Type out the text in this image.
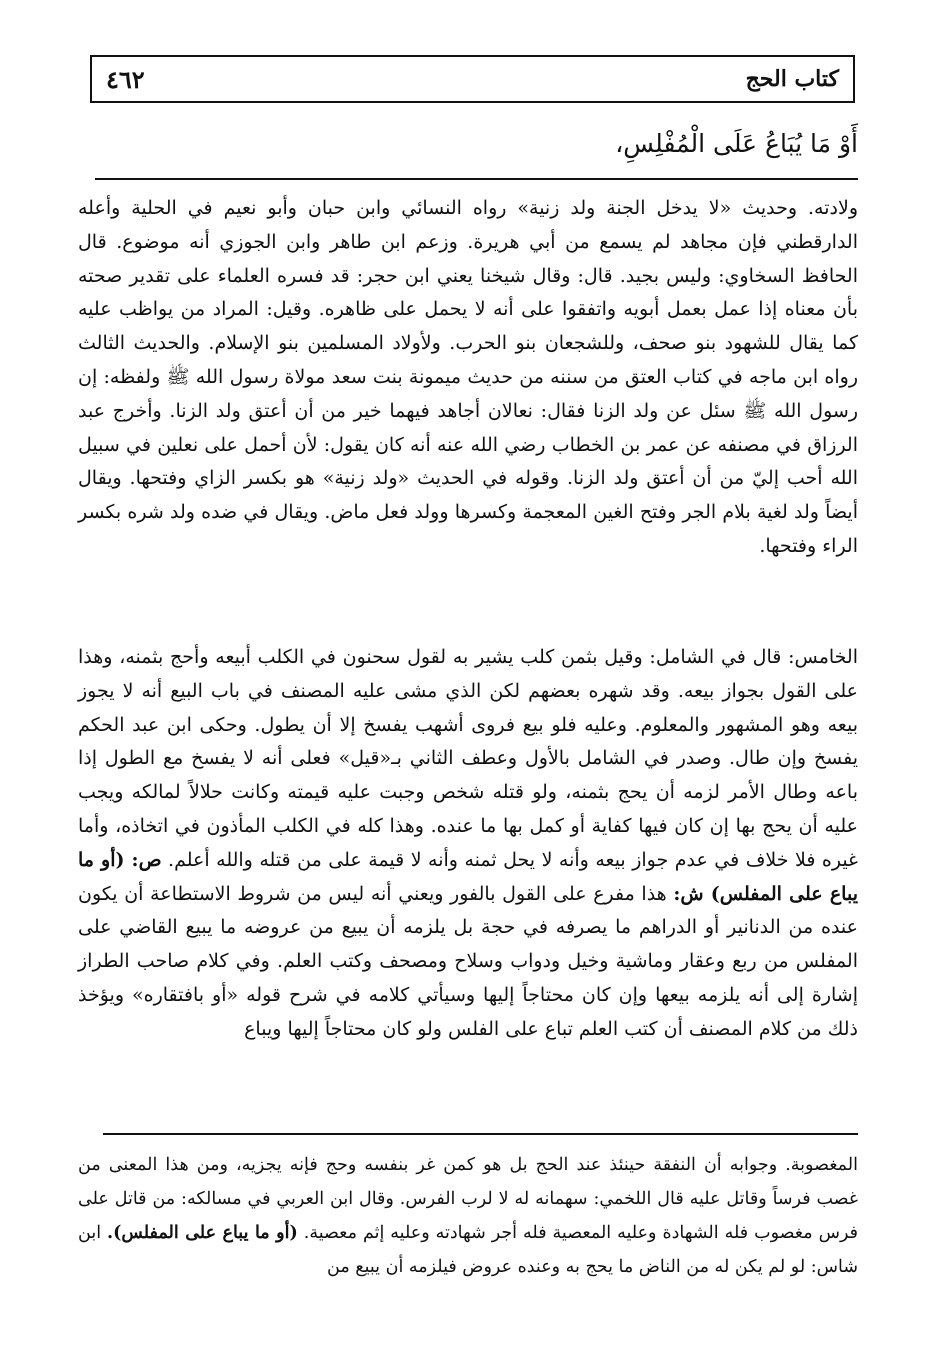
٤٦٢	كتاب الحج
أَوْ مَا يُبَاعُ عَلَى الْمُفْلِسِ،

ولادته. وحديث «لا يدخل الجنة ولد زنية» رواه النسائي وابن حبان وأبو نعيم في الحلية وأعله الدارقطني فإن مجاهد لم يسمع من أبي هريرة. وزعم ابن طاهر وابن الجوزي أنه موضوع. قال الحافظ السخاوي: وليس بجيد. قال: وقال شيخنا يعني ابن حجر: قد فسره العلماء على تقدير صحته بأن معناه إذا عمل بعمل أبويه واتفقوا على أنه لا يحمل على ظاهره. وقيل: المراد من يواظب عليه كما يقال للشهود بنو صحف، وللشجعان بنو الحرب. ولأولاد المسلمين بنو الإسلام. والحديث الثالث رواه ابن ماجه في كتاب العتق من سننه من حديث ميمونة بنت سعد مولاة رسول الله ﷺ ولفظه: إن رسول الله ﷺ سئل عن ولد الزنا فقال: نعالان أجاهد فيهما خير من أن أعتق ولد الزنا. وأخرج عبد الرزاق في مصنفه عن عمر بن الخطاب رضي الله عنه أنه كان يقول: لأن أحمل على نعلين في سبيل الله أحب إليّ من أن أعتق ولد الزنا. وقوله في الحديث «ولد زنية» هو بكسر الزاي وفتحها. ويقال أيضاً ولد لغية بلام الجر وفتح الغين المعجمة وكسرها وولد فعل ماض. ويقال في ضده ولد شره بكسر الراء وفتحها.

الخامس: قال في الشامل: وقيل بثمن كلب يشير به لقول سحنون في الكلب أبيعه وأحج بثمنه، وهذا على القول بجواز بيعه. وقد شهره بعضهم لكن الذي مشى عليه المصنف في باب البيع أنه لا يجوز بيعه وهو المشهور والمعلوم. وعليه فلو بيع فروى أشهب يفسخ إلا أن يطول. وحكى ابن عبد الحكم يفسخ وإن طال. وصدر في الشامل بالأول وعطف الثاني بـ«قيل» فعلى أنه لا يفسخ مع الطول إذا باعه وطال الأمر لزمه أن يحج بثمنه، ولو قتله شخص وجبت عليه قيمته وكانت حلالاً لمالكه ويجب عليه أن يحج بها إن كان فيها كفاية أو كمل بها ما عنده. وهذا كله في الكلب المأذون في اتخاذه، وأما غيره فلا خلاف في عدم جواز بيعه وأنه لا يحل ثمنه وأنه لا قيمة على من قتله والله أعلم. ص: (أو ما يباع على المفلس) ش: هذا مفرع على القول بالفور ويعني أنه ليس من شروط الاستطاعة أن يكون عنده من الدنانير أو الدراهم ما يصرفه في حجة بل يلزمه أن يبيع من عروضه ما يبيع القاضي على المفلس من ربع وعقار وماشية وخيل ودواب وسلاح ومصحف وكتب العلم. وفي كلام صاحب الطراز إشارة إلى أنه يلزمه بيعها وإن كان محتاجاً إليها وسيأتي كلامه في شرح قوله «أو بافتقاره» ويؤخذ ذلك من كلام المصنف أن كتب العلم تباع على الفلس ولو كان محتاجاً إليها ويباع

المغصوبة. وجوابه أن النفقة حينئذ عند الحج بل هو كمن غر بنفسه وحج فإنه يجزيه، ومن هذا المعنى من غصب فرساً وقاتل عليه قال اللخمي: سهمانه له لا لرب الفرس. وقال ابن العربي في مسالكه: من قاتل على فرس مغصوب فله الشهادة وعليه المعصية فله أجر شهادته وعليه إثم معصية. (أو ما يباع على المفلس). ابن شاس: لو لم يكن له من الناض ما يحج به وعنده عروض فيلزمه أن يبيع من
